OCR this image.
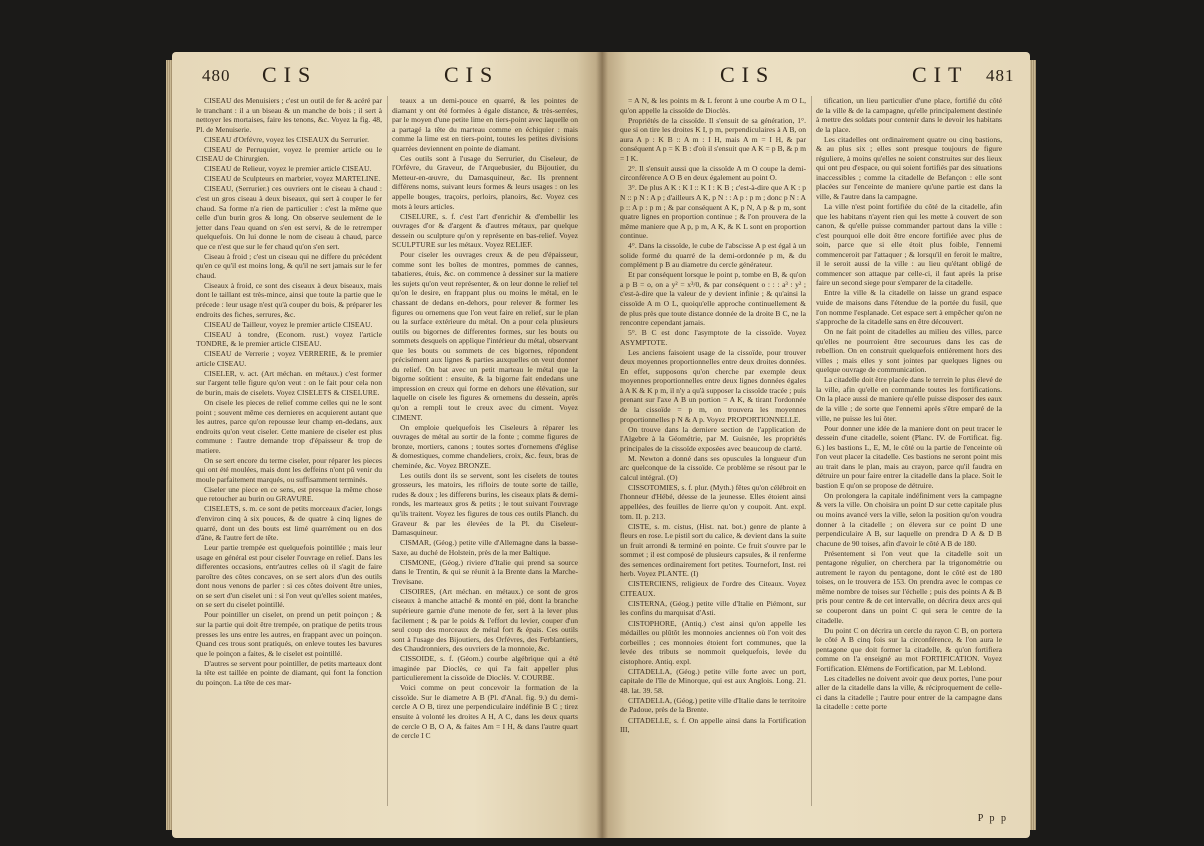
480 CIS	CIS

CISEAU des Menuisiers ; c'est un outil de fer & acéré par le tranchant : il a un biseau & un manche de bois ; il sert à nettoyer les mortaises, faire les tenons, &c. Voyez la fig. 48, Pl. de Menuiserie.

CISEAU d'Orfévre, voyez les CISEAUX du Serrurier.

CISEAU de Perruquier, voyez le premier article ou le CISEAU de Chirurgien.

CISEAU de Relieur, voyez le premier article CISEAU.

CISEAU de Sculpteurs en marbrier, voyez MARTELINE.

CISEAU, (Serrurier.) ces ouvriers ont le ciseau à chaud : c'est un gros ciseau à deux biseaux, qui sert à couper le fer chaud. Sa forme n'a rien de particulier : c'est la même que celle d'un burin gros & long. On observe seulement de le jetter dans l'eau quand on s'en est servi, & de le retremper quelquefois. On lui donne le nom de ciseau à chaud, parce que ce n'est que sur le fer chaud qu'on s'en sert.

Ciseau à froid ; c'est un ciseau qui ne differe du précédent qu'en ce qu'il est moins long, & qu'il ne sert jamais sur le fer chaud.

Ciseaux à froid, ce sont des ciseaux à deux biseaux, mais dont le taillant est très-mince, ainsi que toute la partie que le précede : leur usage n'est qu'à couper du bois, & préparer les endroits des fiches, serrures, &c.

CISEAU de Tailleur, voyez le premier article CISEAU.

CISEAU à tondre, (Econom. rust.) voyez l'article TONDRE, & le premier article CISEAU.

CISEAU de Verrerie ; voyez VERRERIE, & le premier article CISEAU.

CISELER, v. act. (Art méchan. en métaux.) c'est former sur l'argent telle figure qu'on veut : on le fait pour cela non de burin, mais de ciselets. Voyez CISELETS & CISELURE.

On cisele les pieces de relief comme celles qui ne le sont point ; souvent même ces dernieres en acquierent autant que les autres, parce qu'on repousse leur champ en-dedans, aux endroits qu'on veut ciseler. Cette maniere de ciseler est plus commune : l'autre demande trop d'épaisseur & trop de matiere.

On se sert encore du terme ciseler, pour réparer les pieces qui ont été moulées, mais dont les deffeins n'ont pû venir du moule parfaitement marqués, ou suffisamment terminés.

Ciseler une piece en ce sens, est presque la même chose que retoucher au burin ou GRAVURE.

CISELETS, s. m. ce sont de petits morceaux d'acier, longs d'environ cinq à six pouces, & de quatre à cinq lignes de quarré, dont un des bouts est limé quarrément ou en dos d'âne, & l'autre fert de tête.

Leur partie trempée est quelquefois pointillée ; mais leur usage en général est pour ciseler l'ouvrage en relief. Dans les differentes occasions, entr'autres celles où il s'agit de faire paroître des côtes concaves, on se sert alors d'un des outils dont nous venons de parler : si ces côtes doivent être unies, on se sert d'un ciselet uni : si l'on veut qu'elles soient matées, on se sert du ciselet pointillé.

Pour pointiller un ciselet, on prend un petit poinçon ; & sur la partie qui doit être trempée, on pratique de petits trous presses les uns entre les autres, en frappant avec un poinçon. Quand ces trous sont pratiqués, on enleve toutes les bavures que le poinçon a faites, & le ciselet est pointillé.

D'autres se servent pour pointiller, de petits marteaux dont la tête est taillée en pointe de diamant, qui font la fonction du poinçon. La tête de ces mar-

teaux a un demi-pouce en quarré, & les pointes de diamant y ont été formées à égale distance, & très-serrées, par le moyen d'une petite lime en tiers-point avec laquelle on a partagé la tête du marteau comme en échiquier : mais comme la lime est en tiers-point, toutes les petites divisions quarrées deviennent en pointe de diamant.

Ces outils sont à l'usage du Serrurier, du Ciseleur, de l'Orfévre, du Graveur, de l'Arquebusier, du Bijoutier, du Metteur-en-œuvre, du Damasquineur, &c. Ils prennent différens noms, suivant leurs formes & leurs usages : on les appelle bouges, traçoirs, perloirs, planoirs, &c. Voyez ces mots à leurs articles.

CISELURE, s. f. c'est l'art d'enrichir & d'embellir les ouvrages d'or & d'argent & d'autres métaux, par quelque dessein ou sculpture qu'on y représente en bas-relief. Voyez SCULPTURE sur les métaux. Voyez RELIEF.

Pour ciseler les ouvrages creux & de peu d'épaisseur, comme sont les boîtes de montres, pommes de cannes, tabatieres, étuis, &c. on commence à dessiner sur la matiere les sujets qu'on veut représenter, & on leur donne le relief tel qu'on le desire, en frappant plus ou moins le métal, en le chassant de dedans en-dehors, pour relever & former les figures ou ornemens que l'on veut faire en relief, sur le plan ou la surface extérieure du métal. On a pour cela plusieurs outils ou bigornes de differentes formes, sur les bouts ou sommets desquels on applique l'intérieur du métal, observant que les bouts ou sommets de ces bigornes, répondent précisément aux lignes & parties auxquelles on veut donner du relief. On bat avec un petit marteau le métal que la bigorne soûtient : ensuite, & la bigorne fait endedans une impression en creux qui forme en dehors une élévation, sur laquelle on cisele les figures & ornemens du dessein, après qu'on a rempli tout le creux avec du ciment. Voyez CIMENT.

On emploie quelquefois les Ciseleurs à réparer les ouvrages de métal au sortir de la fonte ; comme figures de bronze, mortiers, canons ; toutes sortes d'ornemens d'église & domestiques, comme chandeliers, croix, &c. feux, bras de cheminée, &c. Voyez BRONZE.

Les outils dont ils se servent, sont les ciselets de toutes grosseurs, les matoirs, les rifloirs de toute sorte de taille, rudes & doux ; les differens burins, les ciseaux plats & demi-ronds, les marteaux gros & petits ; le tout suivant l'ouvrage qu'ils traitent. Voyez les figures de tous ces outils Planch. du Graveur & par les élevées de la Pl. du Ciseleur-Damasquineur.

CISMAR, (Géog.) petite ville d'Allemagne dans la basse-Saxe, au duché de Holstein, près de la mer Baltique.

CISMONE, (Géog.) riviere d'Italie qui prend sa source dans le Trentin, & qui se réunit à la Brente dans la Marche-Trevisane.

CISOIRES, (Art méchan. en métaux.) ce sont de gros ciseaux à manche attaché & monté en pié, dont la branche supérieure garnie d'une menote de fer, sert à la lever plus facilement ; & par le poids & l'effort du levier, couper d'un seul coup des morceaux de métal fort & épais. Ces outils sont à l'usage des Bijoutiers, des Orfévres, des Ferblantiers, des Chaudronniers, des ouvriers de la monnoie, &c.

CISSOIDE, s. f. (Géom.) courbe algébrique qui a été imaginée par Dioclès, ce qui l'a fait appeller plus particulierement la cissoïde de Dioclès. V. COURBE.

Voici comme on peut concevoir la formation de la cissoïde. Sur le diametre A B (Pl. d'Anal. fig. 9.) du demi-cercle A O B, tirez une perpendiculaire indéfinie B C ; tirez ensuite à volonté les droites A H, A C, dans les deux quarts de cercle O B, O A, & faites Am = I H, & dans l'autre quart de cercle I C

CIS	CIT 481

= A N, & les points m & L feront à une courbe A m O L, qu'on appelle la cissoïde de Dioclès.

Propriétés de la cissoïde. Il s'ensuit de sa génération, 1°. que si on tire les droites K I, p m, perpendiculaires à A B, on aura A p : K B :: A m : I H, mais A m = I H, & par conséquent A p = K B : d'où il s'ensuit que A K = p B, & p m = I K.

2°. Il s'ensuit aussi que la cissoïde A m O coupe la demi-circonférence A O B en deux également au point O.

3°. De plus A K : K I :: K I : K B ; c'est-à-dire que A K : p N :: p N : A p ; d'ailleurs A K, p N : : A p : p m ; donc p N : A p :: A p : p m ; & par conséquent A K, p N, A p & p m, sont quatre lignes en proportion continue ; & l'on prouvera de la même maniere que A p, p m, A K, & K L sont en proportion continue.

4°. Dans la cissoïde, le cube de l'abscisse A p est égal à un solide formé du quarré de la demi-ordonnée p m, & du complément p B au diametre du cercle générateur.

Et par conséquent lorsque le point p, tombe en B, & qu'on a p B = o, on a y² = x³/0, & par conséquent o : : : a³ : y² ; c'est-à-dire que la valeur de y devient infinie ; & qu'ainsi la cissoïde A m O L, quoiqu'elle approche continuellement & de plus près que toute distance donnée de la droite B C, ne la rencontre cependant jamais.

5°. B C est donc l'asymptote de la cissoïde. Voyez ASYMPTOTE.

Les anciens faisoient usage de la cissoïde, pour trouver deux moyennes proportionnelles entre deux droites données. En effet, supposons qu'on cherche par exemple deux moyennes proportionnelles entre deux lignes données égales à A K & K p m, il n'y a qu'à supposer la cissoïde tracée ; puis prenant sur l'axe A B un portion = A K, & tirant l'ordonnée de la cissoïde = p m, on trouvera les moyennes proportionnelles p N & A p. Voyez PROPORTIONNELLE.

On trouve dans la derniere section de l'application de l'Algebre à la Géométrie, par M. Guisnée, les propriétés principales de la cissoïde exposées avec beaucoup de clarté.

M. Newton a donné dans ses opuscules la longueur d'un arc quelconque de la cissoïde. Ce problème se résout par le calcul intégral. (O)

CISSOTOMIES, s. f. plur. (Myth.) fêtes qu'on célébroit en l'honneur d'Hébé, déesse de la jeunesse. Elles étoient ainsi appellées, des feuilles de lierre qu'on y coupoit. Ant. expl. tom. II. p. 213.

CISTE, s. m. cistus, (Hist. nat. bot.) genre de plante à fleurs en rose. Le pistil sort du calice, & devient dans la suite un fruit arrondi & terminé en pointe. Ce fruit s'ouvre par le sommet ; il est composé de plusieurs capsules, & il renferme des semences ordinairement fort petites. Tournefort, Inst. rei herb. Voyez PLANTE. (I)

CISTERCIENS, religieux de l'ordre des Citeaux. Voyez CITEAUX.

CISTERNA, (Géog.) petite ville d'Italie en Piémont, sur les confins du marquisat d'Asti.

CISTOPHORE, (Antiq.) c'est ainsi qu'on appelle les médailles ou plûtôt les monnoies anciennes où l'on voit des corbeilles ; ces monnoies étoient fort communes, que la levée des tributs se nommoit quelquefois, levée du cistophore. Antiq. expl.

CITADELLA, (Géog.) petite ville forte avec un port, capitale de l'île de Minorque, qui est aux Anglois. Long. 21. 48. lat. 39. 58.

CITADELLA, (Géog.) petite ville d'Italie dans le territoire de Padoue, près de la Brente.

CITADELLE, s. f. On appelle ainsi dans la Fortification III,

tification, un lieu particulier d'une place, fortifié du côté de la ville & de la campagne, qu'elle principalement destinée à mettre des soldats pour contenir dans le devoir les habitans de la place.

Les citadelles ont ordinairement quatre ou cinq bastions, & au plus six ; elles sont presque toujours de figure réguliere, à moins qu'elles ne soient construites sur des lieux qui ont peu d'espace, ou qui soient fortifiés par des situations inaccessibles ; comme la citadelle de Befançon : elle sont placées sur l'enceinte de maniere qu'une partie est dans la ville, & l'autre dans la campagne.

La ville n'est point fortifiée du côté de la citadelle, afin que les habitans n'ayent rien qui les mette à couvert de son canon, & qu'elle puisse commander partout dans la ville : c'est pourquoi elle doit être encore fortifiée avec plus de soin, parce que si elle étoit plus foible, l'ennemi commenceroit par l'attaquer ; & lorsqu'il en feroit le maître, il le seroit aussi de la ville : au lieu qu'étant obligé de commencer son attaque par celle-ci, il faut après la prise faire un second siege pour s'emparer de la citadelle.

Entre la ville & la citadelle on laisse un grand espace vuide de maisons dans l'étendue de la portée du fusil, que l'on nomme l'esplanade. Cet espace sert à empêcher qu'on ne s'approche de la citadelle sans en être découvert.

On ne fait point de citadelles au milieu des villes, parce qu'elles ne pourroient être secourues dans les cas de rebellion. On en construit quelquefois entièrement hors des villes ; mais elles y sont jointes par quelques lignes ou quelque ouvrage de communication.

La citadelle doit être placée dans le terrein le plus élevé de la ville, afin qu'elle en commande toutes les fortifications. On la place aussi de maniere qu'elle puisse disposer des eaux de la ville ; de sorte que l'ennemi après s'être emparé de la ville, ne puisse les lui ôter.

Pour donner une idée de la maniere dont on peut tracer le dessein d'une citadelle, soient (Planc. IV. de Fortificat. fig. 6.) les bastions L, E, M, le côté ou la partie de l'enceinte où l'on veut placer la citadelle. Ces bastions ne seront point mis au trait dans le plan, mais au crayon, parce qu'il faudra en détruire un pour faire entrer la citadelle dans la place. Soit le bastion E qu'on se propose de détruire.

On prolongera la capitale indéfiniment vers la campagne & vers la ville. On choisira un point D sur cette capitale plus ou moins avancé vers la ville, selon la position qu'on voudra donner à la citadelle ; on élevera sur ce point D une perpendiculaire A B, sur laquelle on prendra D A & D B chacune de 90 toises, afin d'avoir le côté A B de 180.

Présentement si l'on veut que la citadelle soit un pentagone régulier, on cherchera par la trigonométrie ou autrement le rayon du pentagone, dont le côté est de 180 toises, on le trouvera de 153. On prendra avec le compas ce même nombre de toises sur l'échelle ; puis des points A & B pris pour centre & de cet intervalle, on décrira deux arcs qui se couperont dans un point C qui sera le centre de la citadelle.

Du point C on décrira un cercle du rayon C B, on portera le côté A B cinq fois sur la circonférence, & l'on aura le pentagone que doit former la citadelle, & qu'on fortifiera comme on l'a enseigné au mot FORTIFICATION. Voyez Fortification. Elémens de Fortification, par M. Leblond.

Les citadelles ne doivent avoir que deux portes, l'une pour aller de la citadelle dans la ville, & réciproquement de celle-ci dans la citadelle ; l'autre pour entrer de la campagne dans la citadelle : cette porte

P p p
